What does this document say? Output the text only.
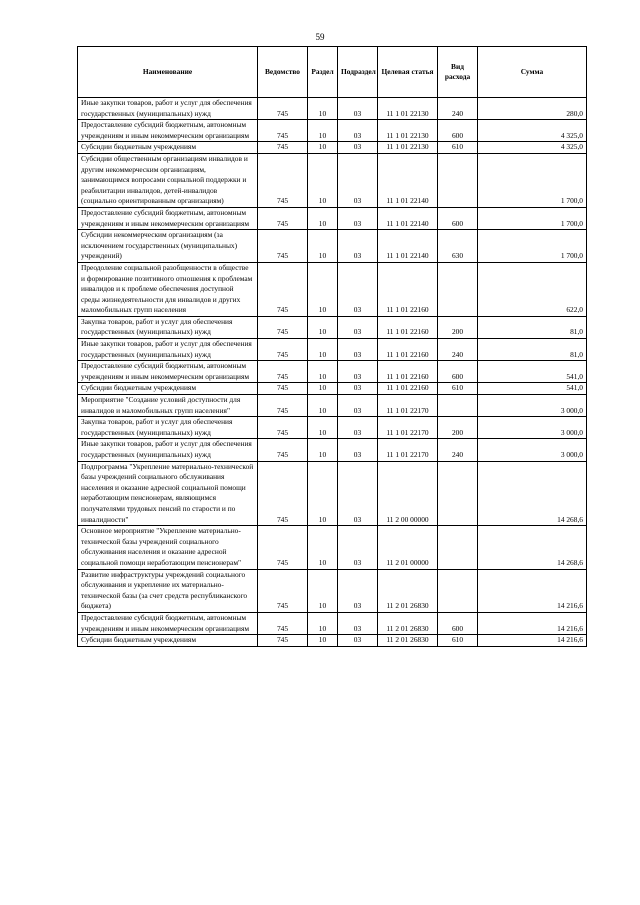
59
Наименование	Ведомство	Раздел	Подраздел	Целевая статья	Вид расхода	Сумма
Иные закупки товаров, работ и услуг для обеспечения государственных (муниципальных) нужд	745	10	03	11 1 01 22130	240	280,0
Предоставление субсидий бюджетным, автономным учреждениям и иным некоммерческим организациям	745	10	03	11 1 01 22130	600	4 325,0
Субсидии бюджетным учреждениям	745	10	03	11 1 01 22130	610	4 325,0
Субсидии общественным организациям инвалидов и другим некоммерческим организациям, занимающимся вопросами социальной поддержки и реабилитации инвалидов, детей-инвалидов (социально ориентированным организациям)	745	10	03	11 1 01 22140		1 700,0
Предоставление субсидий бюджетным, автономным учреждениям и иным некоммерческим организациям	745	10	03	11 1 01 22140	600	1 700,0
Субсидии некоммерческим организациям (за исключением государственных (муниципальных) учреждений)	745	10	03	11 1 01 22140	630	1 700,0
Преодоление социальной разобщенности в обществе и формирование позитивного отношения к проблемам инвалидов и к проблеме обеспечения доступной среды жизнедеятельности для инвалидов и других маломобильных групп населения	745	10	03	11 1 01 22160		622,0
Закупка товаров, работ и услуг для обеспечения государственных (муниципальных) нужд	745	10	03	11 1 01 22160	200	81,0
Иные закупки товаров, работ и услуг для обеспечения государственных (муниципальных) нужд	745	10	03	11 1 01 22160	240	81,0
Предоставление субсидий бюджетным, автономным учреждениям и иным некоммерческим организациям	745	10	03	11 1 01 22160	600	541,0
Субсидии бюджетным учреждениям	745	10	03	11 1 01 22160	610	541,0
Мероприятие "Создание условий доступности для инвалидов и маломобильных групп населения"	745	10	03	11 1 01 22170		3 000,0
Закупка товаров, работ и услуг для обеспечения государственных (муниципальных) нужд	745	10	03	11 1 01 22170	200	3 000,0
Иные закупки товаров, работ и услуг для обеспечения государственных (муниципальных) нужд	745	10	03	11 1 01 22170	240	3 000,0
Подпрограмма "Укрепление материально-технической базы учреждений социального обслуживания населения и оказание адресной социальной помощи неработающим пенсионерам, являющимся получателями трудовых пенсий по старости и по инвалидности"	745	10	03	11 2 00 00000		14 268,6
Основное мероприятие "Укрепление материально-технической базы учреждений социального обслуживания населения и оказание адресной социальной помощи неработающим пенсионерам"	745	10	03	11 2 01 00000		14 268,6
Развитие инфраструктуры учреждений социального обслуживания и укрепление их материально-технической базы (за счет средств республиканского бюджета)	745	10	03	11 2 01 26830		14 216,6
Предоставление субсидий бюджетным, автономным учреждениям и иным некоммерческим организациям	745	10	03	11 2 01 26830	600	14 216,6
Субсидии бюджетным учреждениям	745	10	03	11 2 01 26830	610	14 216,6
